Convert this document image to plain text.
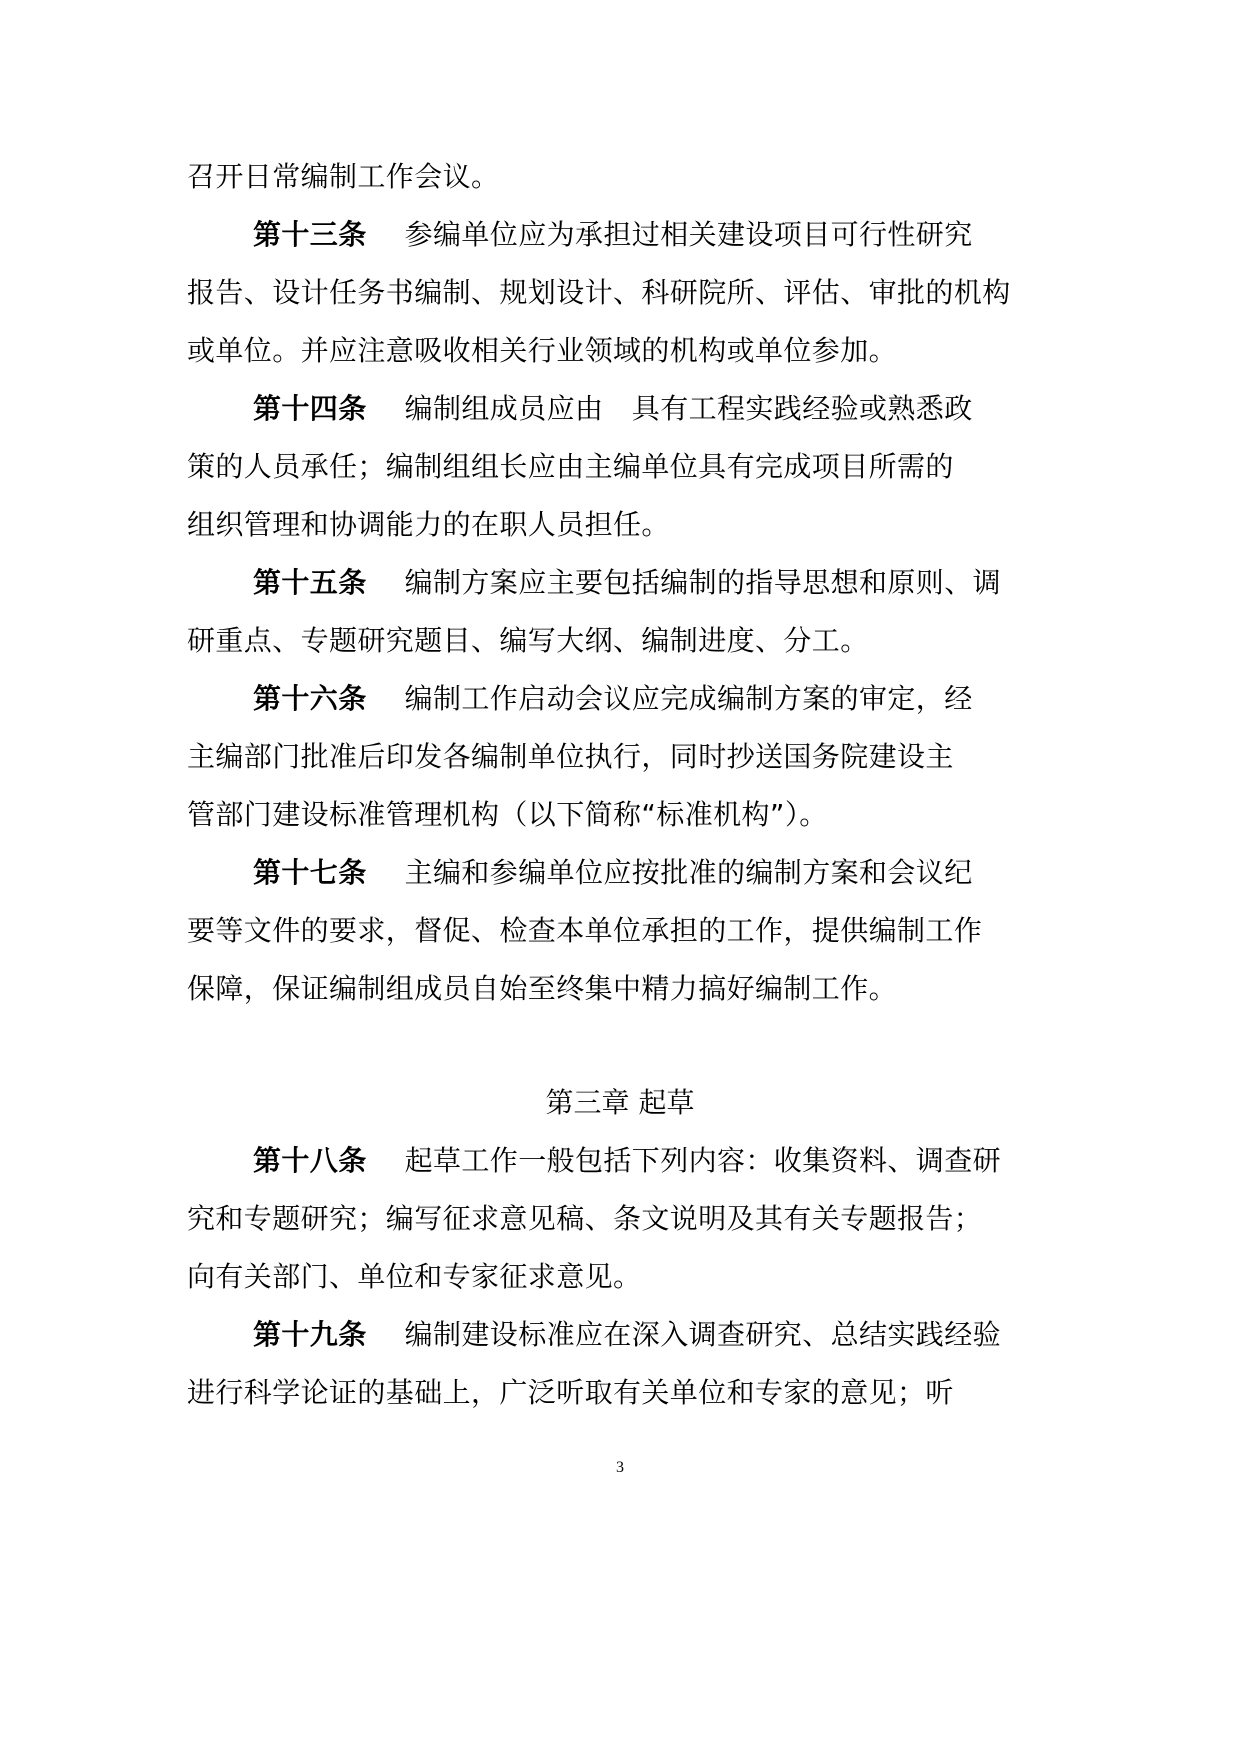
召开日常编制工作会议。
第十三条 参编单位应为承担过相关建设项目可行性研究
报告、设计任务书编制、规划设计、科研院所、评估、审批的机构
或单位。并应注意吸收相关行业领域的机构或单位参加。
第十四条 编制组成员应由　具有工程实践经验或熟悉政
策的人员承任；编制组组长应由主编单位具有完成项目所需的
组织管理和协调能力的在职人员担任。
第十五条 编制方案应主要包括编制的指导思想和原则、调
研重点、专题研究题目、编写大纲、编制进度、分工。
第十六条 编制工作启动会议应完成编制方案的审定，经
主编部门批准后印发各编制单位执行，同时抄送国务院建设主
管部门建设标准管理机构（以下简称“标准机构”）。
第十七条 主编和参编单位应按批准的编制方案和会议纪
要等文件的要求，督促、检查本单位承担的工作，提供编制工作
保障，保证编制组成员自始至终集中精力搞好编制工作。
第三章 起草
第十八条 起草工作一般包括下列内容：收集资料、调查研
究和专题研究；编写征求意见稿、条文说明及其有关专题报告；
向有关部门、单位和专家征求意见。
第十九条 编制建设标准应在深入调查研究、总结实践经验
进行科学论证的基础上，广泛听取有关单位和专家的意见；听
3
